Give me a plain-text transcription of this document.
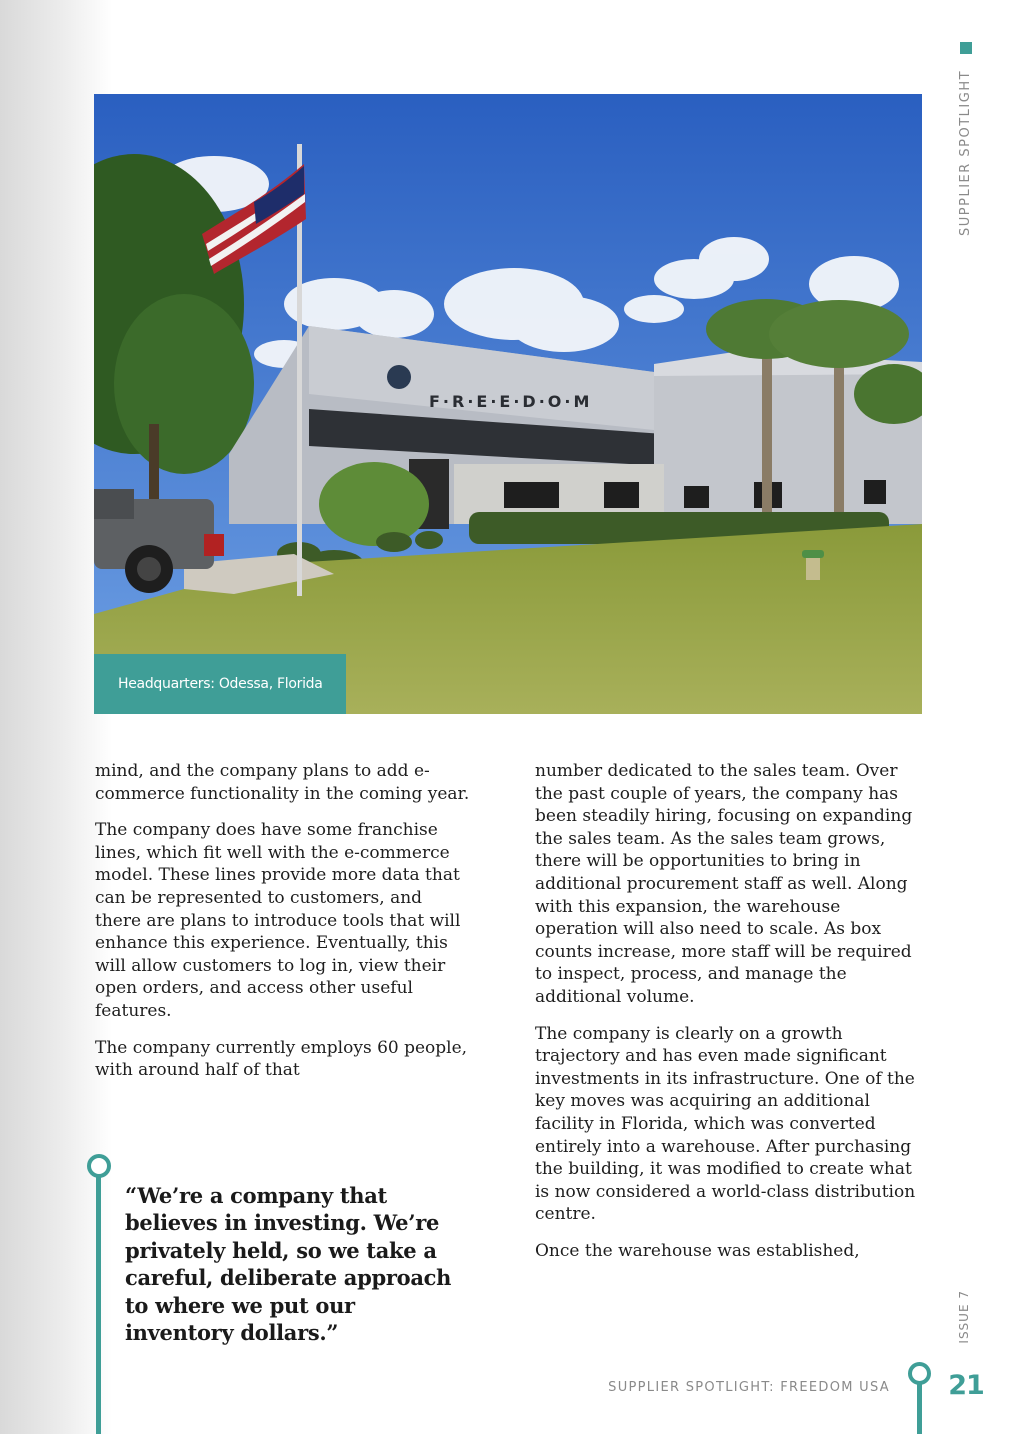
SUPPLIER SPOTLIGHT
ISSUE 7
F·R·E·E·D·O·M
Headquarters: Odessa, Florida

mind, and the company plans to add e-commerce functionality in the coming year.

The company does have some franchise lines, which fit well with the e-commerce model. These lines provide more data that can be represented to customers, and there are plans to introduce tools that will enhance this experience. Eventually, this will allow customers to log in, view their open orders, and access other useful features.

The company currently employs 60 people, with around half of that

number dedicated to the sales team. Over the past couple of years, the company has been steadily hiring, focusing on expanding the sales team. As the sales team grows, there will be opportunities to bring in additional procurement staff as well. Along with this expansion, the warehouse operation will also need to scale. As box counts increase, more staff will be required to inspect, process, and manage the additional volume.

The company is clearly on a growth trajectory and has even made significant investments in its infrastructure. One of the key moves was acquiring an additional facility in Florida, which was converted entirely into a warehouse. After purchasing the building, it was modified to create what is now considered a world-class distribution centre.

Once the warehouse was established,

“We’re a company that believes in investing. We’re privately held, so we take a careful, deliberate approach to where we put our inventory dollars.”
SUPPLIER SPOTLIGHT: FREEDOM USA 21
